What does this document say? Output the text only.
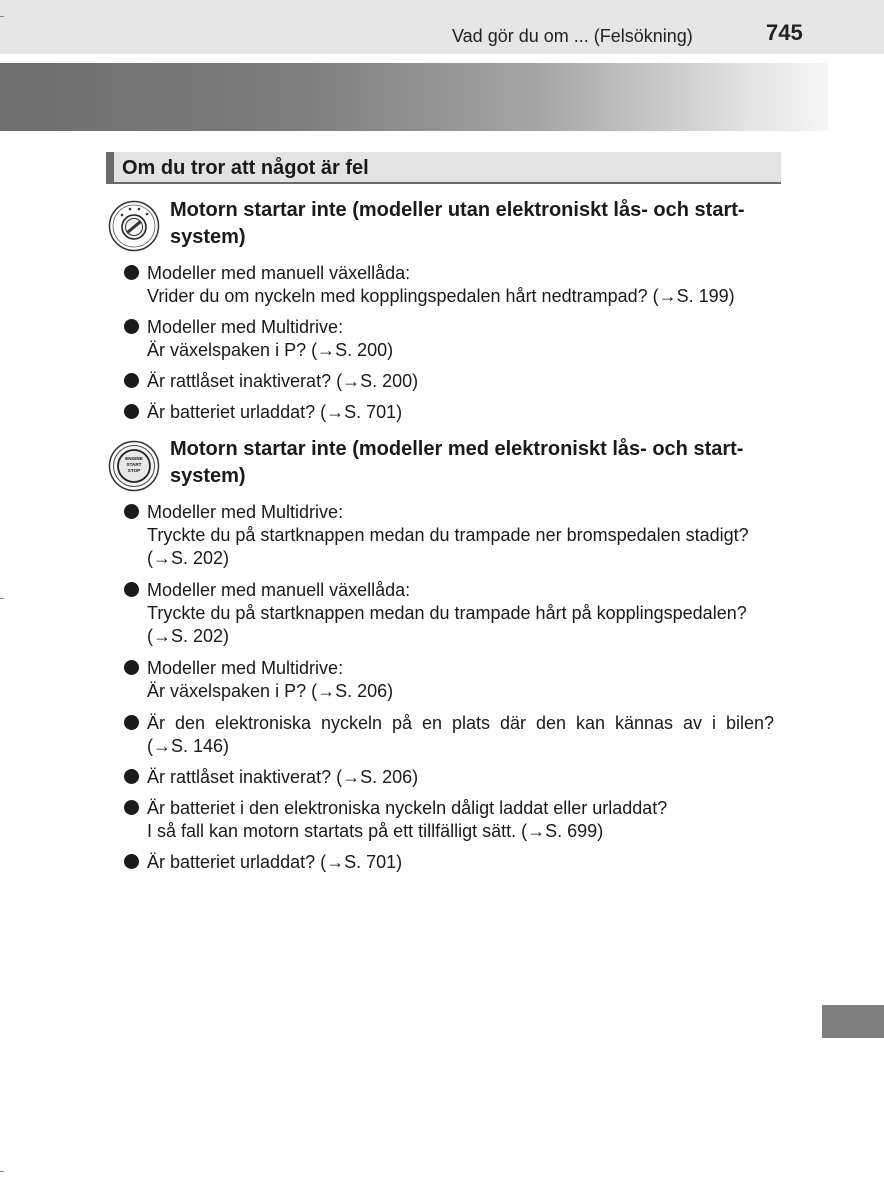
Vad gör du om ... (Felsökning)	745
Om du tror att något är fel
Motorn startar inte (modeller utan elektroniskt lås- och start-
system)
Modeller med manuell växellåda:
Vrider du om nyckeln med kopplingspedalen hårt nedtrampad? (→S. 199)
Modeller med Multidrive:
Är växelspaken i P? (→S. 200)
Är rattlåset inaktiverat? (→S. 200)
Är batteriet urladdat? (→S. 701)
ENGINE
START
STOP
Motorn startar inte (modeller med elektroniskt lås- och start-
system)
Modeller med Multidrive:
Tryckte du på startknappen medan du trampade ner bromspedalen stadigt?
(→S. 202)
Modeller med manuell växellåda:
Tryckte du på startknappen medan du trampade hårt på kopplingspedalen?
(→S. 202)
Modeller med Multidrive:
Är växelspaken i P? (→S. 206)
Är den elektroniska nyckeln på en plats där den kan kännas av i bilen?
(→S. 146)
Är rattlåset inaktiverat? (→S. 206)
Är batteriet i den elektroniska nyckeln dåligt laddat eller urladdat?
I så fall kan motorn startats på ett tillfälligt sätt. (→S. 699)
Är batteriet urladdat? (→S. 701)
